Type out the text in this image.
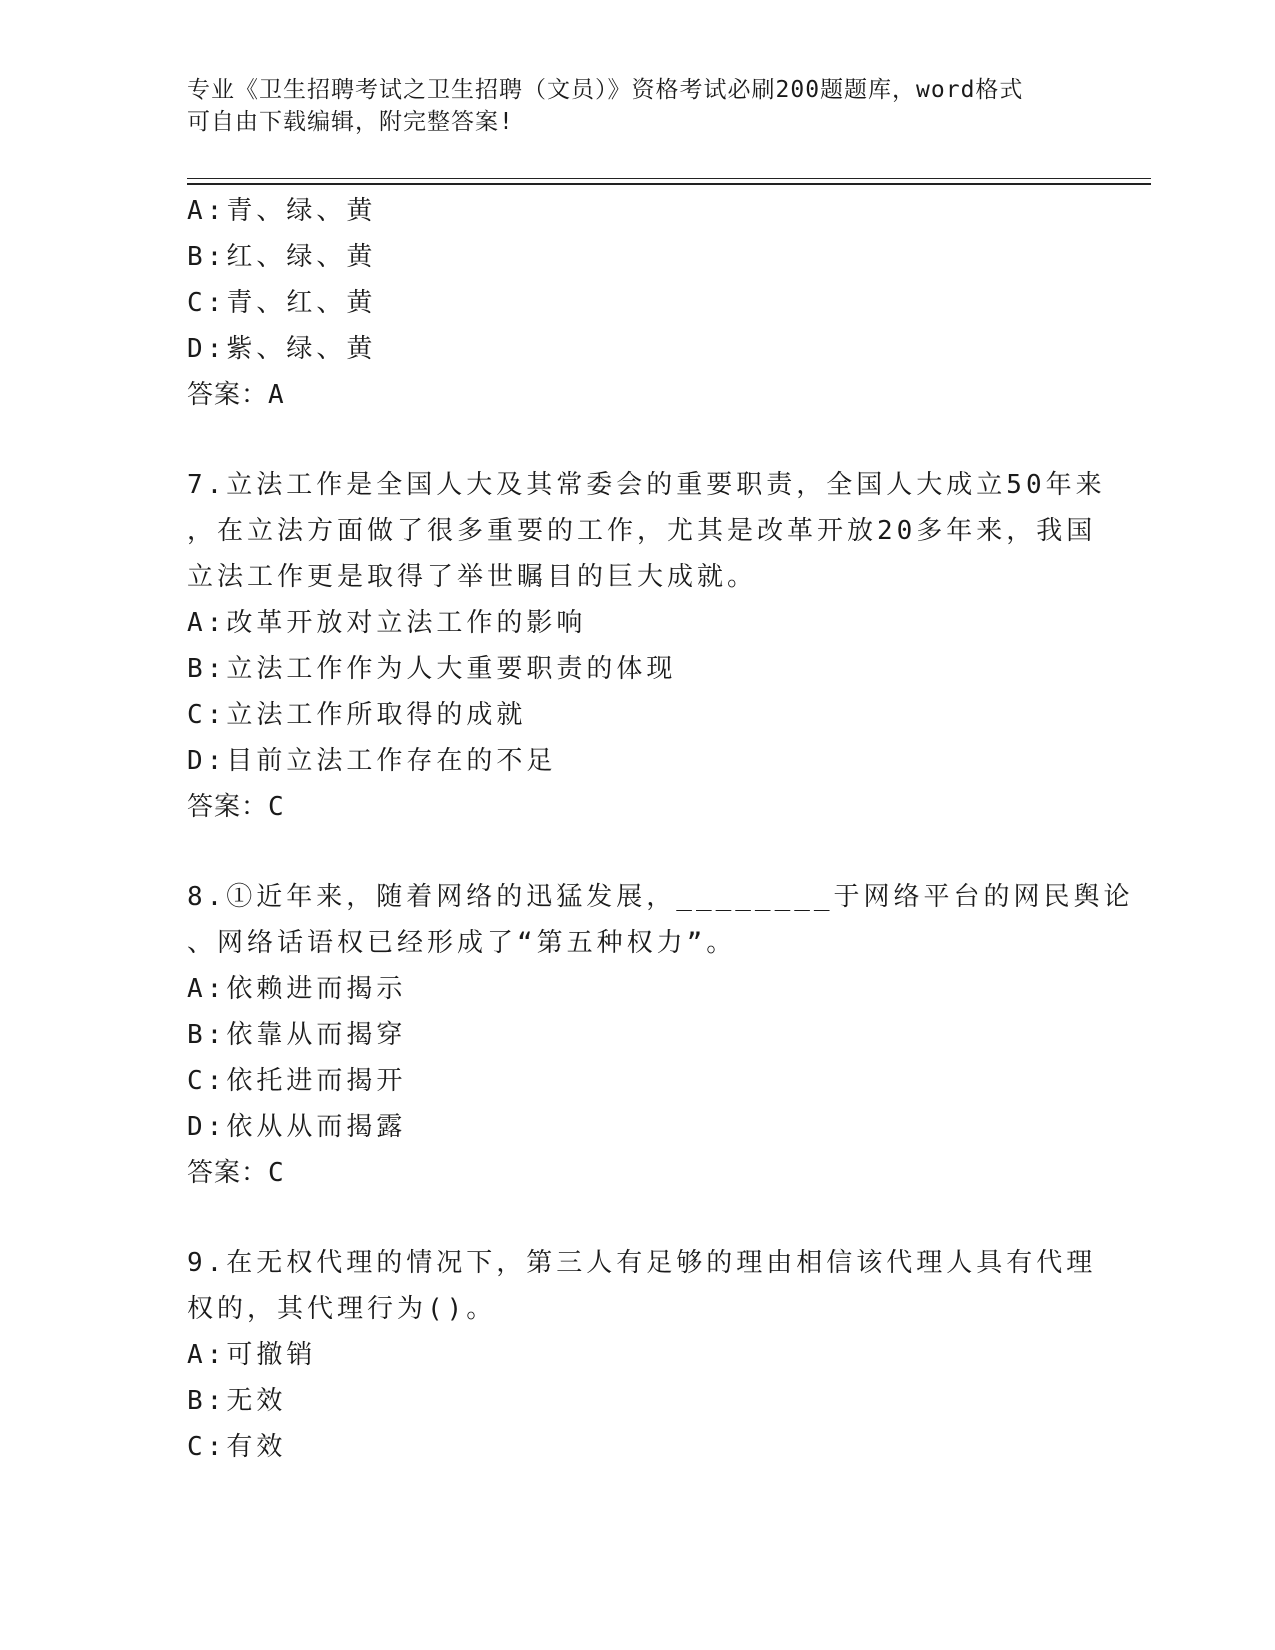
专业《卫生招聘考试之卫生招聘（文员）》资格考试必刷200题题库，word格式
可自由下载编辑，附完整答案!
A:青、绿、黄
B:红、绿、黄
C:青、红、黄
D:紫、绿、黄
答案：A
7.立法工作是全国人大及其常委会的重要职责，全国人大成立50年来
，在立法方面做了很多重要的工作，尤其是改革开放20多年来，我国
立法工作更是取得了举世瞩目的巨大成就。
A:改革开放对立法工作的影响
B:立法工作作为人大重要职责的体现
C:立法工作所取得的成就
D:目前立法工作存在的不足
答案：C
8.①近年来，随着网络的迅猛发展，________于网络平台的网民舆论
、网络话语权已经形成了“第五种权力”。
A:依赖进而揭示
B:依靠从而揭穿
C:依托进而揭开
D:依从从而揭露
答案：C
9.在无权代理的情况下，第三人有足够的理由相信该代理人具有代理
权的，其代理行为()。
A:可撤销
B:无效
C:有效
